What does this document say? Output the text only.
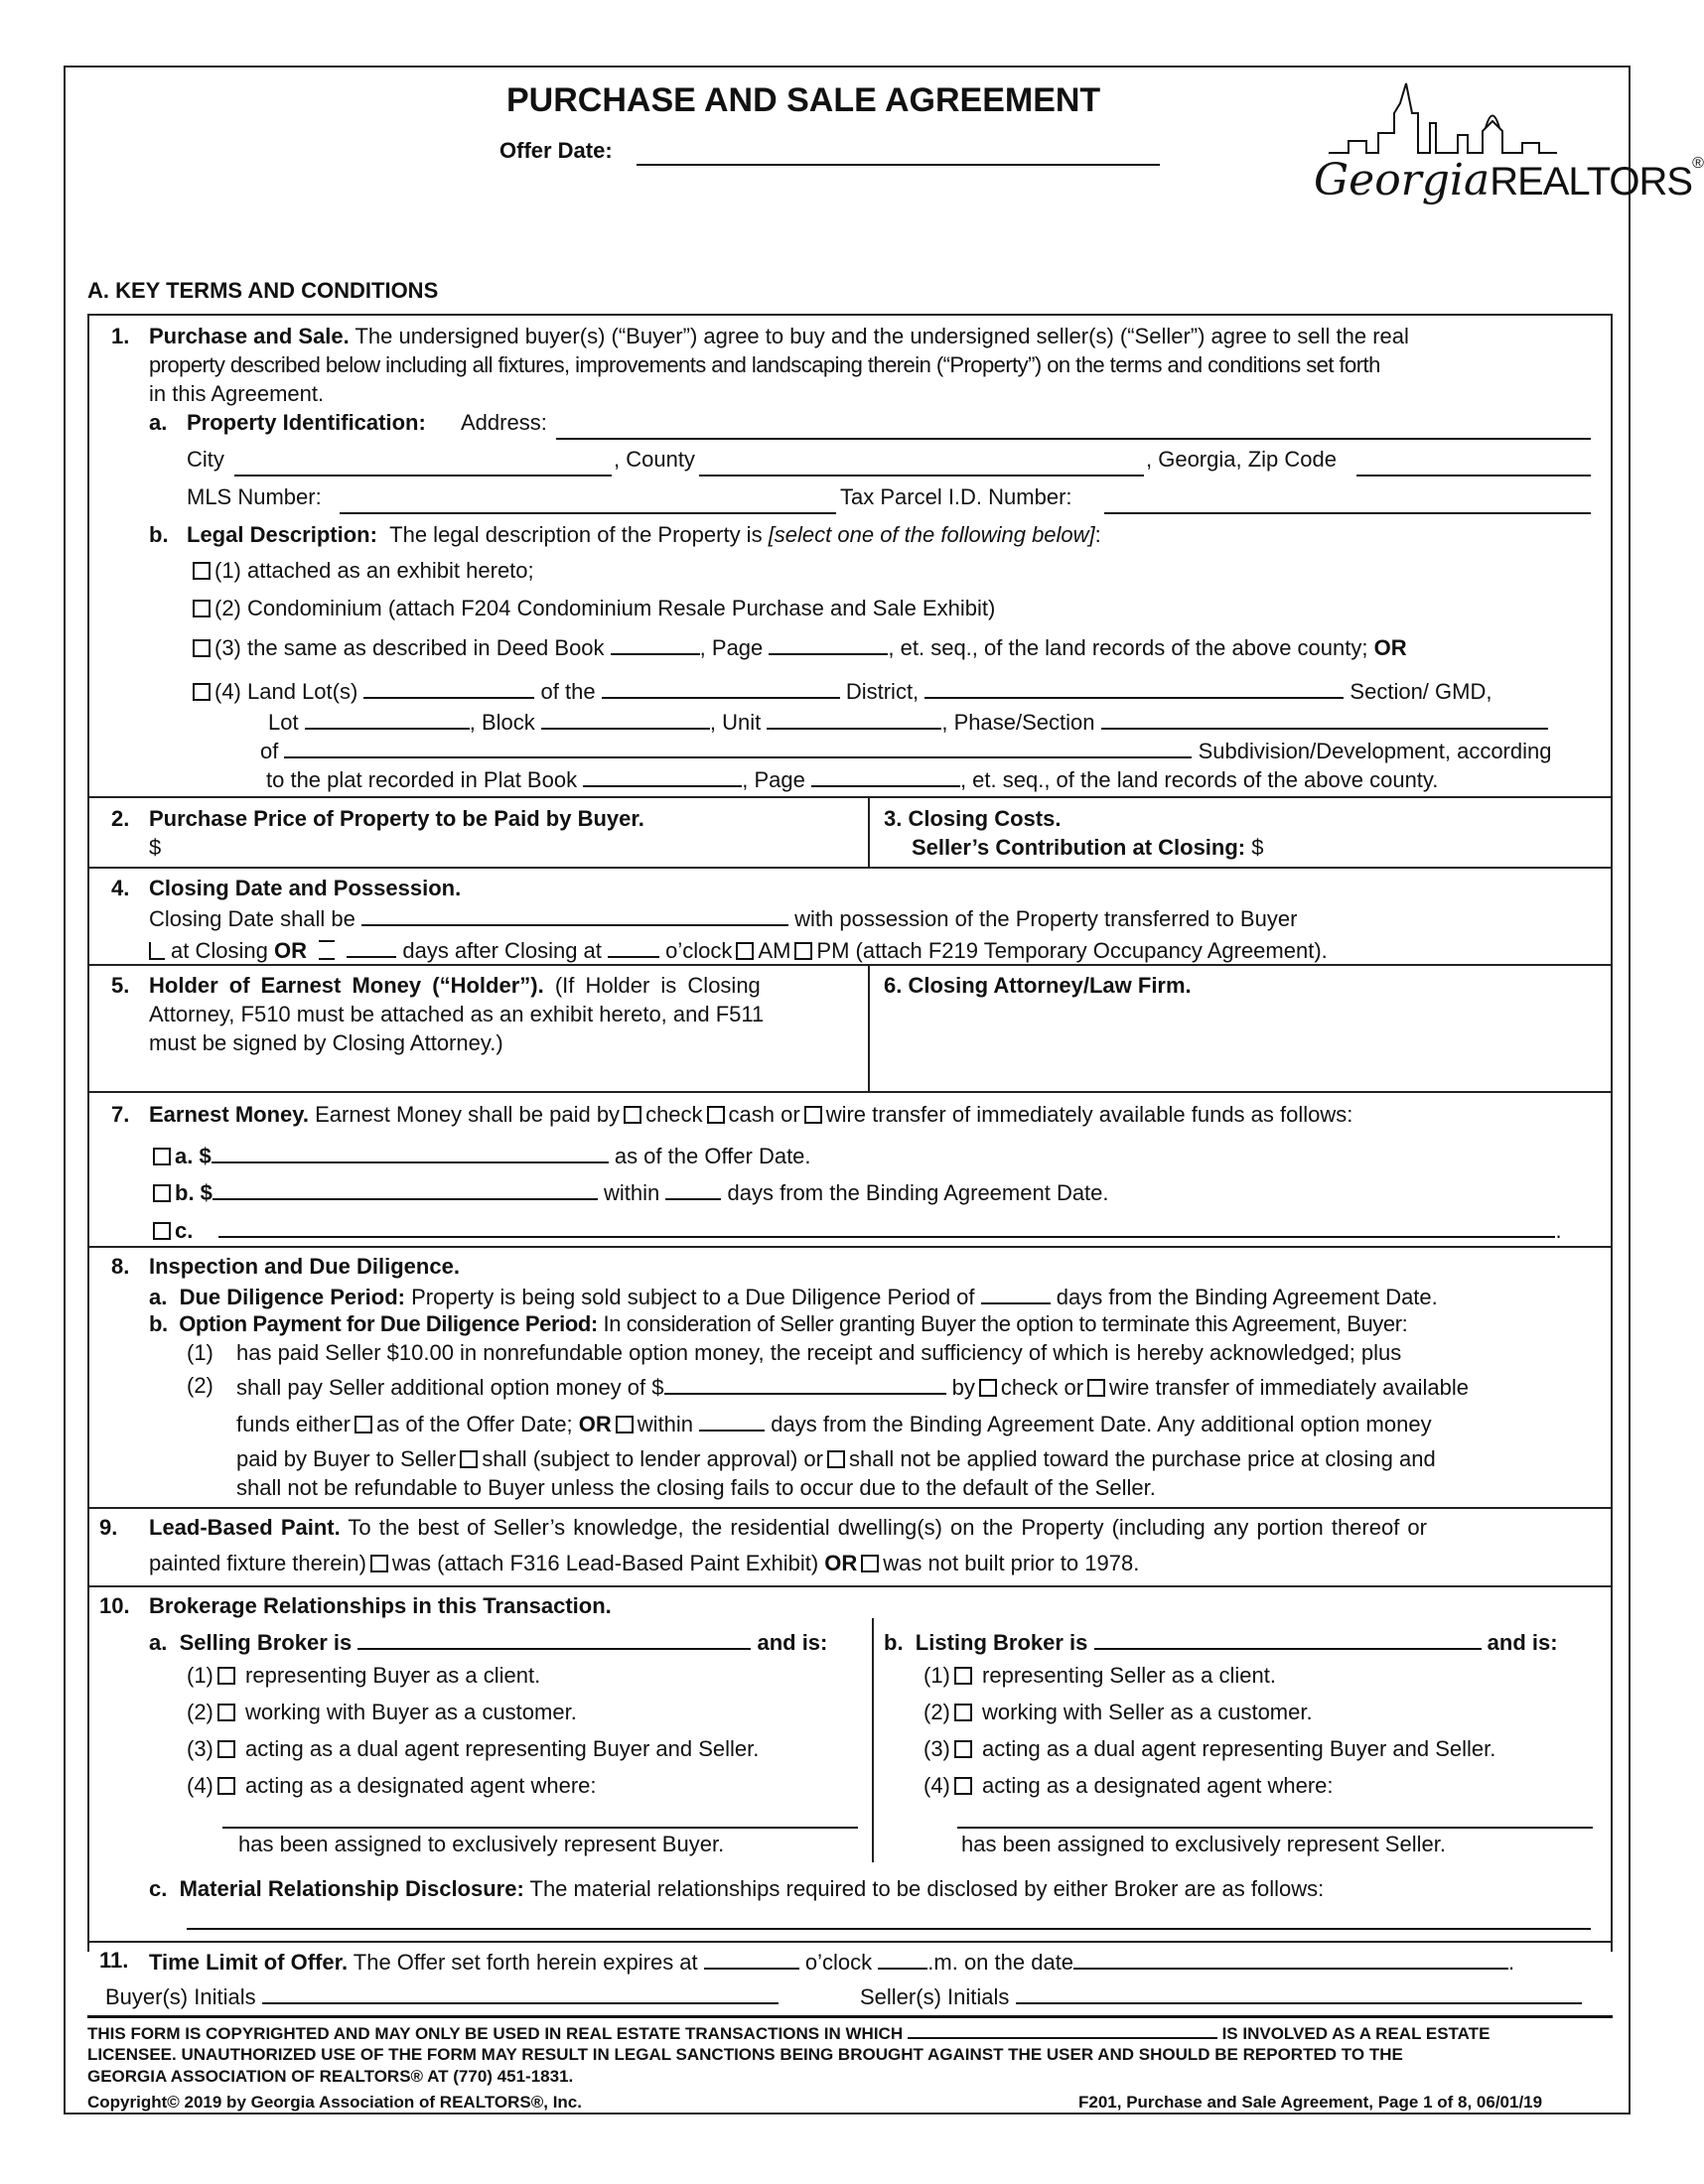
PURCHASE AND SALE AGREEMENT
Offer Date:
GeorgiaREALTORS®
A. KEY TERMS AND CONDITIONS
1. Purchase and Sale. The undersigned buyer(s) (“Buyer”) agree to buy and the undersigned seller(s) (“Seller”) agree to sell the real
property described below including all fixtures, improvements and landscaping therein (“Property”) on the terms and conditions set forth
in this Agreement.
a. Property Identification: Address:
City	, County	, Georgia, Zip Code
MLS Number:	Tax Parcel I.D. Number:
b. Legal Description: The legal description of the Property is [select one of the following below]:
(1) attached as an exhibit hereto;
(2) Condominium (attach F204 Condominium Resale Purchase and Sale Exhibit)
(3) the same as described in Deed Book	, Page	, et. seq., of the land records of the above county; OR
(4) Land Lot(s)	of the	District,	Section/ GMD,
Lot	, Block	, Unit	, Phase/Section
of	Subdivision/Development, according
to the plat recorded in Plat Book	, Page	, et. seq., of the land records of the above county.
2. Purchase Price of Property to be Paid by Buyer.
$
3. Closing Costs.
Seller’s Contribution at Closing: $
4. Closing Date and Possession.
Closing Date shall be	with possession of the Property transferred to Buyer
at Closing OR	days after Closing at	o’clock AM PM (attach F219 Temporary Occupancy Agreement).
5. Holder of Earnest Money (“Holder”). (If Holder is Closing
Attorney, F510 must be attached as an exhibit hereto, and F511
must be signed by Closing Attorney.)
6. Closing Attorney/Law Firm.
7. Earnest Money. Earnest Money shall be paid by check cash or wire transfer of immediately available funds as follows:
a. $	as of the Offer Date.
b. $	within	days from the Binding Agreement Date.
c.	.
8. Inspection and Due Diligence.
a. Due Diligence Period: Property is being sold subject to a Due Diligence Period of	days from the Binding Agreement Date.
b. Option Payment for Due Diligence Period: In consideration of Seller granting Buyer the option to terminate this Agreement, Buyer:
(1) has paid Seller $10.00 in nonrefundable option money, the receipt and sufficiency of which is hereby acknowledged; plus
(2) shall pay Seller additional option money of $	by check or wire transfer of immediately available
funds either as of the Offer Date; OR within	days from the Binding Agreement Date. Any additional option money
paid by Buyer to Seller shall (subject to lender approval) or shall not be applied toward the purchase price at closing and
shall not be refundable to Buyer unless the closing fails to occur due to the default of the Seller.
9. Lead-Based Paint. To the best of Seller’s knowledge, the residential dwelling(s) on the Property (including any portion thereof or
painted fixture therein) was (attach F316 Lead-Based Paint Exhibit) OR was not built prior to 1978.
10. Brokerage Relationships in this Transaction.
a. Selling Broker is	and is:	b. Listing Broker is	and is:
(1) representing Buyer as a client.
(2) working with Buyer as a customer.
(3) acting as a dual agent representing Buyer and Seller.
(4) acting as a designated agent where:
has been assigned to exclusively represent Buyer.
(1) representing Seller as a client.
(2) working with Seller as a customer.
(3) acting as a dual agent representing Buyer and Seller.
(4) acting as a designated agent where:
has been assigned to exclusively represent Seller.
c. Material Relationship Disclosure: The material relationships required to be disclosed by either Broker are as follows:
11. Time Limit of Offer. The Offer set forth herein expires at	o’clock	.m. on the date	.
Buyer(s) Initials	Seller(s) Initials
THIS FORM IS COPYRIGHTED AND MAY ONLY BE USED IN REAL ESTATE TRANSACTIONS IN WHICH	IS INVOLVED AS A REAL ESTATE
LICENSEE. UNAUTHORIZED USE OF THE FORM MAY RESULT IN LEGAL SANCTIONS BEING BROUGHT AGAINST THE USER AND SHOULD BE REPORTED TO THE
GEORGIA ASSOCIATION OF REALTORS® AT (770) 451-1831.
Copyright© 2019 by Georgia Association of REALTORS®, Inc.	F201, Purchase and Sale Agreement, Page 1 of 8, 06/01/19
